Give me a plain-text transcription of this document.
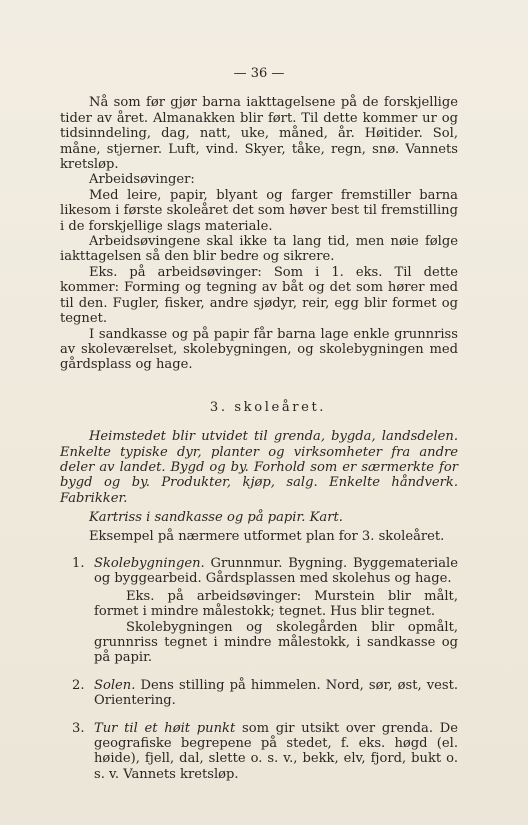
— 36 —

Nå som før gjør barna iakttagelsene på de forskjellige tider av året. Almanakken blir ført. Til dette kommer ur og tidsinndeling, dag, natt, uke, måned, år. Høitider. Sol, måne, stjerner. Luft, vind. Skyer, tåke, regn, snø. Vannets kretsløp.

Arbeidsøvinger:

Med leire, papir, blyant og farger fremstiller barna likesom i første skoleåret det som høver best til fremstilling i de forskjellige slags materiale.

Arbeidsøvingene skal ikke ta lang tid, men nøie følge iakttagelsen så den blir bedre og sikrere.

Eks. på arbeidsøvinger: Som i 1. eks. Til dette kommer: Forming og tegning av båt og det som hører med til den. Fugler, fisker, andre sjødyr, reir, egg blir formet og tegnet.

I sandkasse og på papir får barna lage enkle grunnriss av skoleværelset, skolebygningen, og skolebygningen med gårdsplass og hage.

3. skoleåret.

Heimstedet blir utvidet til grenda, bygda, landsdelen. Enkelte typiske dyr, planter og virksomheter fra andre deler av landet. Bygd og by. Forhold som er særmerkte for bygd og by. Produkter, kjøp, salg. Enkelte håndverk. Fabrikker.

Kartriss i sandkasse og på papir. Kart.

Eksempel på nærmere utformet plan for 3. skoleåret.

1. Skolebygningen. Grunnmur. Bygning. Byggemateriale og byggearbeid. Gårdsplassen med skolehus og hage.

Eks. på arbeidsøvinger: Murstein blir målt, formet i mindre målestokk; tegnet. Hus blir tegnet.

Skolebygningen og skolegården blir opmålt, grunnriss tegnet i mindre målestokk, i sandkasse og på papir.

2. Solen. Dens stilling på himmelen. Nord, sør, øst, vest. Orientering.

3. Tur til et høit punkt som gir utsikt over grenda. De geografiske begrepene på stedet, f. eks. høgd (el. høide), fjell, dal, slette o. s. v., bekk, elv, fjord, bukt o. s. v. Vannets kretsløp.
